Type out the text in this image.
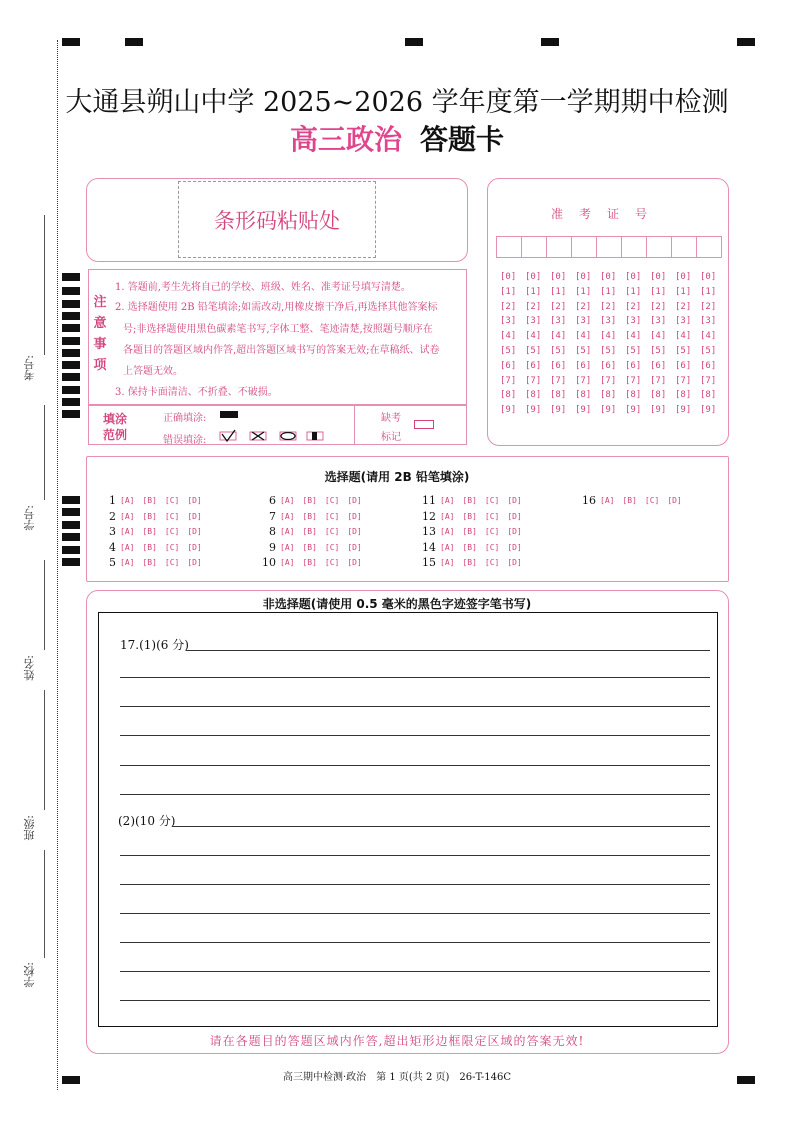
考号:
学号:
姓名:
班级:
学校:
大通县朔山中学 2025~2026 学年度第一学期期中检测
高三政治 答题卡
条形码粘贴处
注
意
事
项
1. 答题前,考生先将自己的学校、班级、姓名、准考证号填写清楚。
2. 选择题使用 2B 铅笔填涂;如需改动,用橡皮擦干净后,再选择其他答案标
号;非选择题使用黑色碳素笔书写,字体工整、笔迹清楚,按照题号顺序在
各题目的答题区域内作答,超出答题区域书写的答案无效;在草稿纸、试卷
上答题无效。
3. 保持卡面清洁、不折叠、不破损。
填涂
范例
正确填涂:
错误填涂:
缺考
标记
准考证号
[0] [0] [0] [0] [0] [0] [0] [0] [0]
[1] [1] [1] [1] [1] [1] [1] [1] [1]
[2] [2] [2] [2] [2] [2] [2] [2] [2]
[3] [3] [3] [3] [3] [3] [3] [3] [3]
[4] [4] [4] [4] [4] [4] [4] [4] [4]
[5] [5] [5] [5] [5] [5] [5] [5] [5]
[6] [6] [6] [6] [6] [6] [6] [6] [6]
[7] [7] [7] [7] [7] [7] [7] [7] [7]
[8] [8] [8] [8] [8] [8] [8] [8] [8]
[9] [9] [9] [9] [9] [9] [9] [9] [9]
选择题(请用 2B 铅笔填涂)
1 [A] [B] [C] [D]
2 [A] [B] [C] [D]
3 [A] [B] [C] [D]
4 [A] [B] [C] [D]
5 [A] [B] [C] [D]
6 [A] [B] [C] [D]
7 [A] [B] [C] [D]
8 [A] [B] [C] [D]
9 [A] [B] [C] [D]
10 [A] [B] [C] [D]
11 [A] [B] [C] [D]
12 [A] [B] [C] [D]
13 [A] [B] [C] [D]
14 [A] [B] [C] [D]
15 [A] [B] [C] [D]
16 [A] [B] [C] [D]
非选择题(请使用 0.5 毫米的黑色字迹签字笔书写)
17.(1)(6 分)
(2)(10 分)
请在各题目的答题区域内作答,超出矩形边框限定区域的答案无效!
高三期中检测·政治　第 1 页(共 2 页)　26-T-146C
